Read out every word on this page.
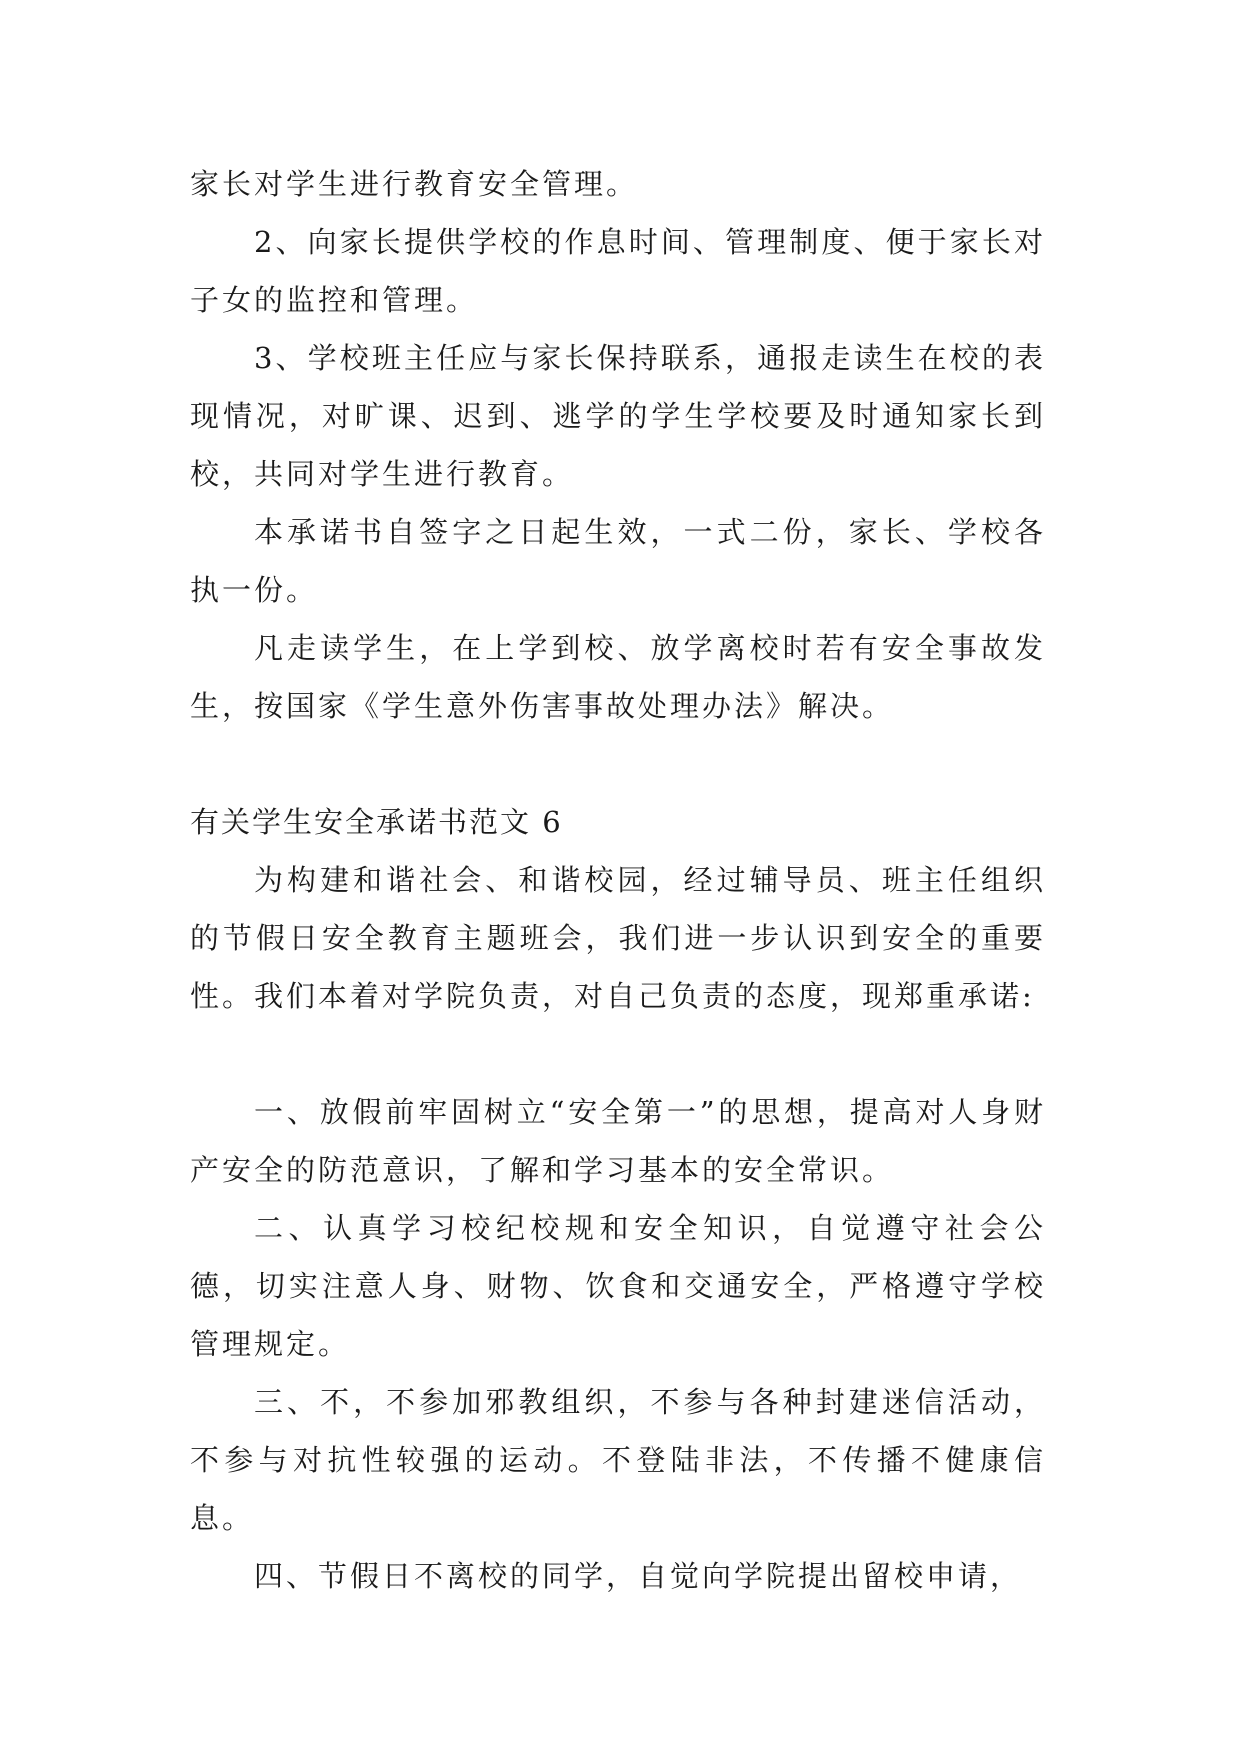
家长对学生进行教育安全管理。

2、向家长提供学校的作息时间、管理制度、便于家长对子女的监控和管理。

3、学校班主任应与家长保持联系，通报走读生在校的表现情况，对旷课、迟到、逃学的学生学校要及时通知家长到校，共同对学生进行教育。

本承诺书自签字之日起生效，一式二份，家长、学校各执一份。

凡走读学生，在上学到校、放学离校时若有安全事故发生，按国家《学生意外伤害事故处理办法》解决。

有关学生安全承诺书范文 6

为构建和谐社会、和谐校园，经过辅导员、班主任组织的节假日安全教育主题班会，我们进一步认识到安全的重要性。我们本着对学院负责，对自己负责的态度，现郑重承诺:

一、放假前牢固树立“安全第一”的思想，提高对人身财产安全的防范意识，了解和学习基本的安全常识。

二、认真学习校纪校规和安全知识，自觉遵守社会公德，切实注意人身、财物、饮食和交通安全，严格遵守学校管理规定。

三、不，不参加邪教组织，不参与各种封建迷信活动，不参与对抗性较强的运动。不登陆非法，不传播不健康信息。

四、节假日不离校的同学，自觉向学院提出留校申请，
